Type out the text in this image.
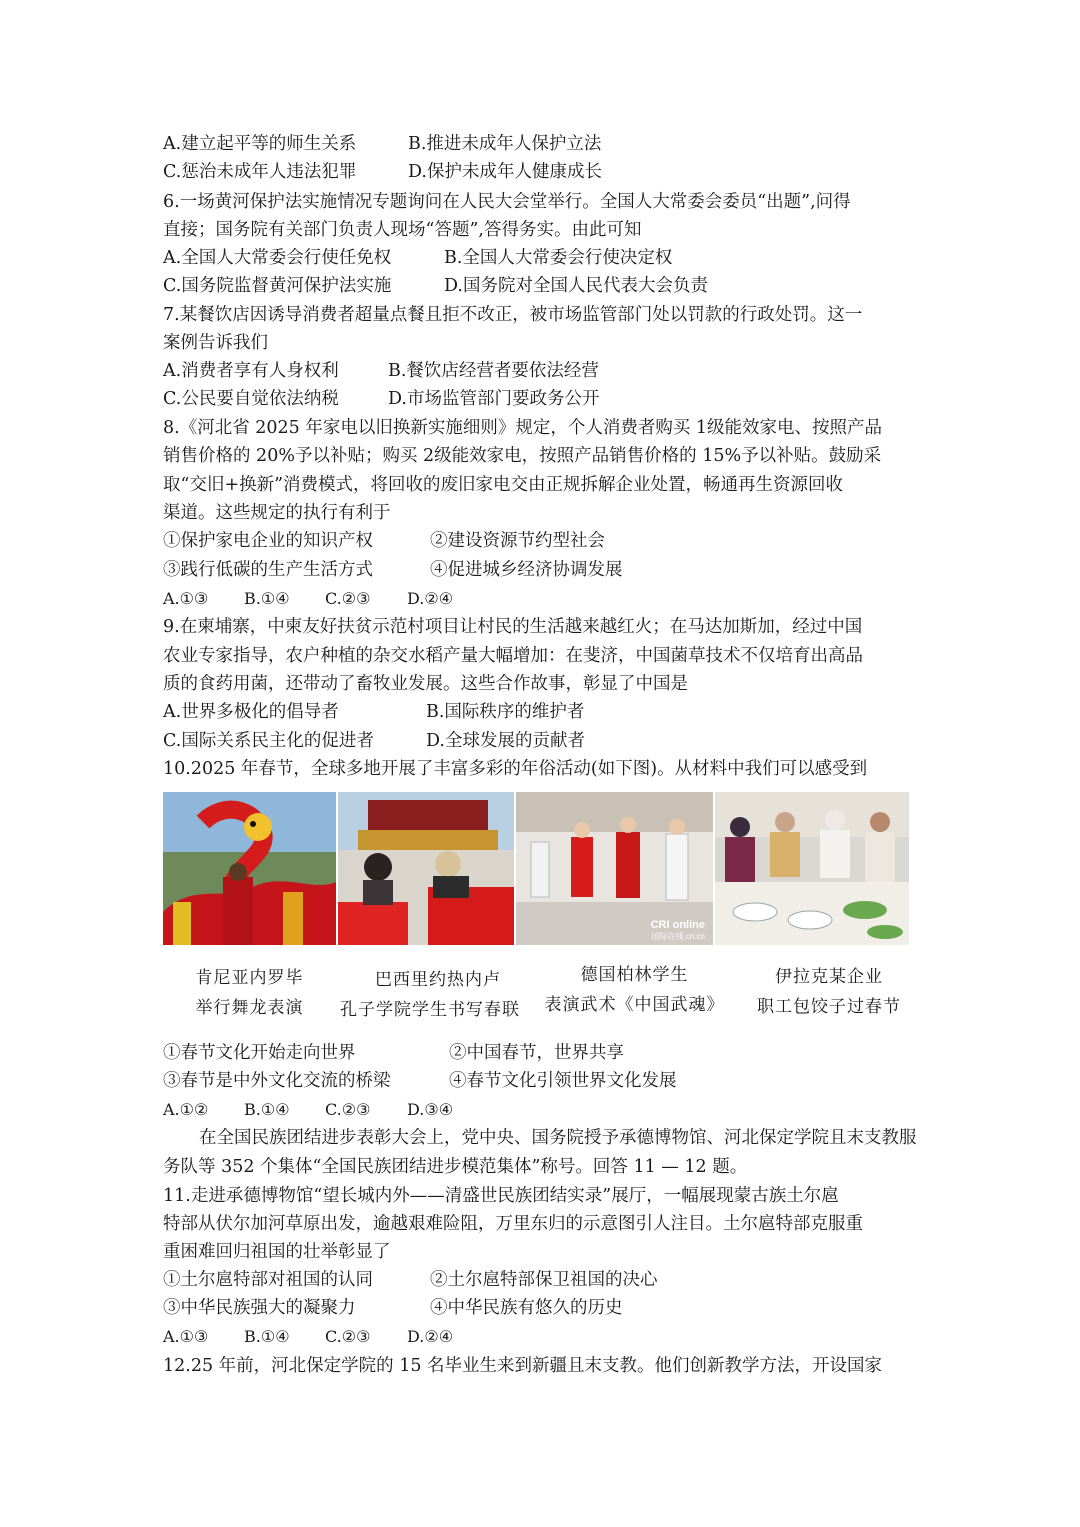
A.建立起平等的师生关系	B.推进未成年人保护立法
C.惩治未成年人违法犯罪	D.保护未成年人健康成长
6.一场黄河保护法实施情况专题询问在人民大会堂举行。全国人大常委会委员“出题”,问得
直接；国务院有关部门负责人现场“答题”,答得务实。由此可知
A.全国人大常委会行使任免权	B.全国人大常委会行使决定权
C.国务院监督黄河保护法实施	D.国务院对全国人民代表大会负责
7.某餐饮店因诱导消费者超量点餐且拒不改正，被市场监管部门处以罚款的行政处罚。这一
案例告诉我们
A.消费者享有人身权利	B.餐饮店经营者要依法经营
C.公民要自觉依法纳税	D.市场监管部门要政务公开
8.《河北省 2025 年家电以旧换新实施细则》规定，个人消费者购买 1级能效家电、按照产品
销售价格的 20%予以补贴；购买 2级能效家电，按照产品销售价格的 15%予以补贴。鼓励采
取“交旧+换新”消费模式，将回收的废旧家电交由正规拆解企业处置，畅通再生资源回收
渠道。这些规定的执行有利于
①保护家电企业的知识产权	②建设资源节约型社会
③践行低碳的生产生活方式	④促进城乡经济协调发展
A.①③ B.①④ C.②③ D.②④
9.在柬埔寨，中柬友好扶贫示范村项目让村民的生活越来越红火；在马达加斯加，经过中国
农业专家指导，农户种植的杂交水稻产量大幅增加：在斐济，中国菌草技术不仅培育出高品
质的食药用菌，还带动了畜牧业发展。这些合作故事，彰显了中国是
A.世界多极化的倡导者	B.国际秩序的维护者
C.国际关系民主化的促进者	D.全球发展的贡献者
10.2025 年春节，全球多地开展了丰富多彩的年俗活动(如下图)。从材料中我们可以感受到
CRI online
国际在线 cri.cn
肯尼亚内罗毕
举行舞龙表演
巴西里约热内卢
孔子学院学生书写春联
德国柏林学生
表演武术《中国武魂》
伊拉克某企业
职工包饺子过春节
①春节文化开始走向世界	②中国春节，世界共享
③春节是中外文化交流的桥梁	④春节文化引领世界文化发展
A.①② B.①④ C.②③ D.③④
在全国民族团结进步表彰大会上，党中央、国务院授予承德博物馆、河北保定学院且末支教服务队等 352 个集体“全国民族团结进步模范集体”称号。回答 11 — 12 题。
11.走进承德博物馆“望长城内外——清盛世民族团结实录”展厅，一幅展现蒙古族土尔扈
特部从伏尔加河草原出发，逾越艰难险阻，万里东归的示意图引人注目。土尔扈特部克服重
重困难回归祖国的壮举彰显了
①土尔扈特部对祖国的认同	②土尔扈特部保卫祖国的决心
③中华民族强大的凝聚力	④中华民族有悠久的历史
A.①③ B.①④ C.②③ D.②④
12.25 年前，河北保定学院的 15 名毕业生来到新疆且末支教。他们创新教学方法，开设国家
